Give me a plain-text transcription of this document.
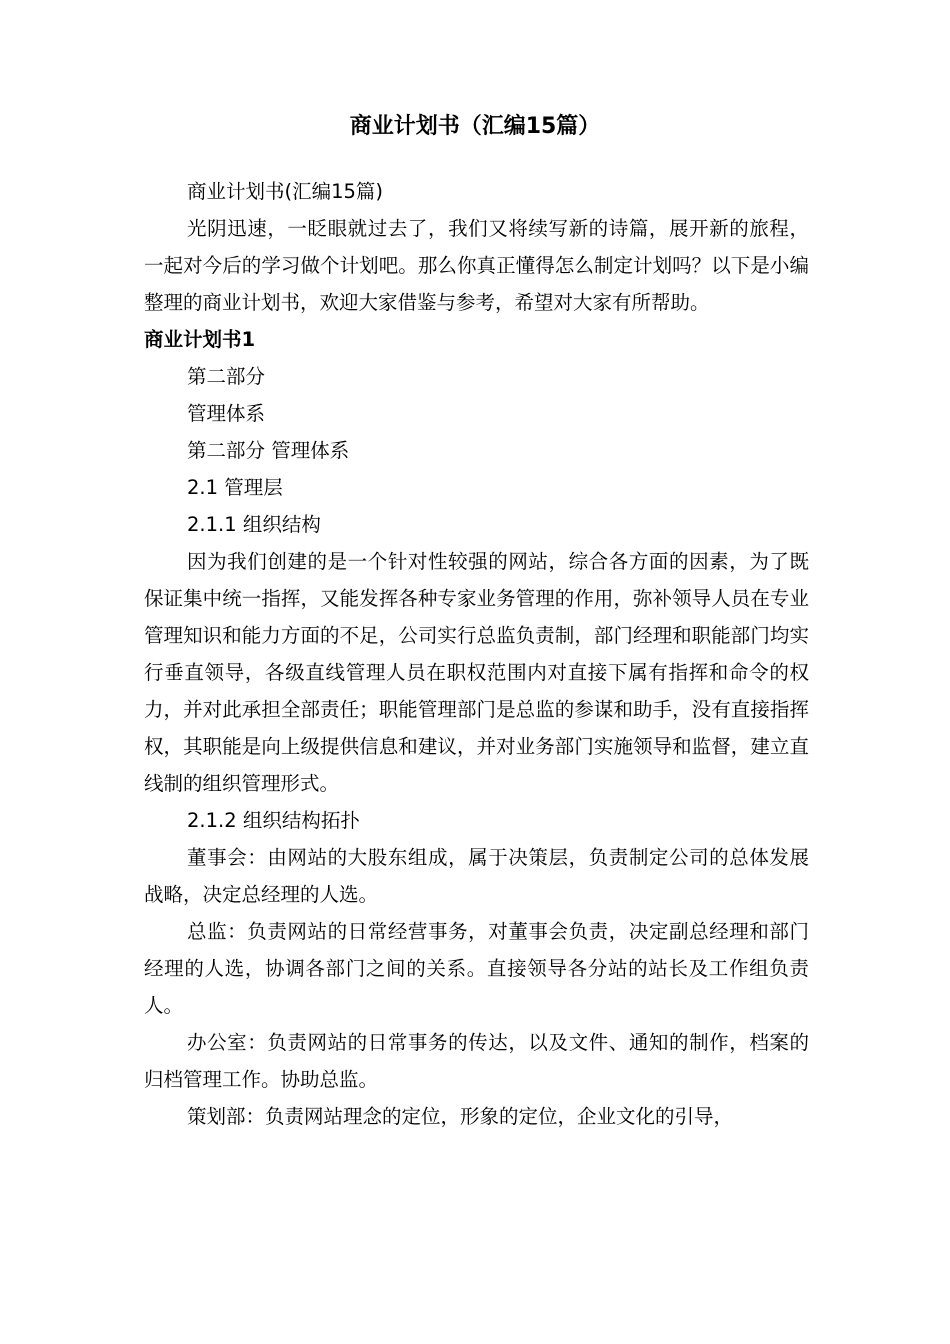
商业计划书（汇编15篇）

商业计划书(汇编15篇)

光阴迅速，一眨眼就过去了，我们又将续写新的诗篇，展开新的旅程，一起对今后的学习做个计划吧。那么你真正懂得怎么制定计划吗？以下是小编整理的商业计划书，欢迎大家借鉴与参考，希望对大家有所帮助。

商业计划书1

第二部分

管理体系

第二部分 管理体系

2.1 管理层

2.1.1 组织结构

因为我们创建的是一个针对性较强的网站，综合各方面的因素，为了既保证集中统一指挥，又能发挥各种专家业务管理的作用，弥补领导人员在专业管理知识和能力方面的不足，公司实行总监负责制，部门经理和职能部门均实行垂直领导，各级直线管理人员在职权范围内对直接下属有指挥和命令的权力，并对此承担全部责任；职能管理部门是总监的参谋和助手，没有直接指挥权，其职能是向上级提供信息和建议，并对业务部门实施领导和监督，建立直线制的组织管理形式。

2.1.2 组织结构拓扑

董事会：由网站的大股东组成，属于决策层，负责制定公司的总体发展战略，决定总经理的人选。

总监：负责网站的日常经营事务，对董事会负责，决定副总经理和部门经理的人选，协调各部门之间的关系。直接领导各分站的站长及工作组负责人。

办公室：负责网站的日常事务的传达，以及文件、通知的制作，档案的归档管理工作。协助总监。

策划部：负责网站理念的定位，形象的定位，企业文化的引导，
